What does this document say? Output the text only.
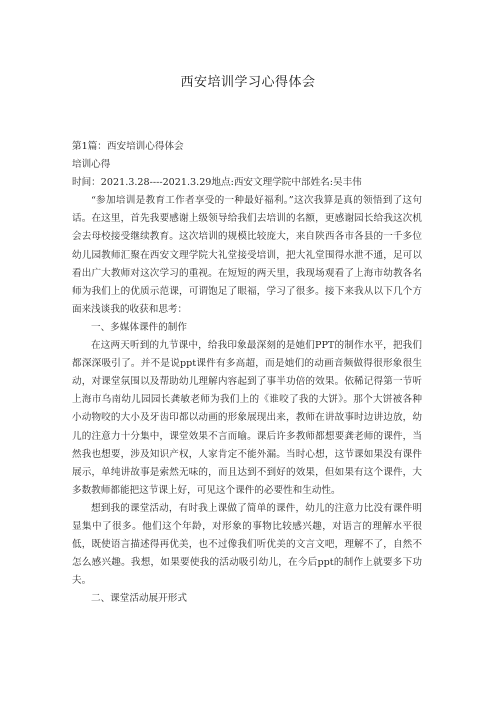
西安培训学习心得体会

第1篇：西安培训心得体会

培训心得

时间：2021.3.28----2021.3.29地点:西安文理学院中部姓名:吴丰伟

“参加培训是教育工作者享受的一种最好福利。”这次我算是真的领悟到了这句话。在这里，首先我要感谢上级领导给我们去培训的名额，更感谢园长给我这次机会去母校接受继续教育。这次培训的规模比较庞大，来自陕西各市各县的一千多位幼儿园教师汇聚在西安文理学院大礼堂接受培训，把大礼堂围得水泄不通，足可以看出广大教师对这次学习的重视。在短短的两天里，我现场观看了上海市幼教各名师为我们上的优质示范课，可谓饱足了眼福，学习了很多。接下来我从以下几个方面来浅谈我的收获和思考：

一、多媒体课件的制作

在这两天听到的九节课中，给我印象最深刻的是她们PPT的制作水平，把我们都深深吸引了。并不是说ppt课件有多高超，而是她们的动画音频做得很形象很生动，对课堂氛围以及帮助幼儿理解内容起到了事半功倍的效果。依稀记得第一节听上海市乌南幼儿园园长龚敏老师为我们上的《谁咬了我的大饼》。那个大饼被各种小动物咬的大小及牙齿印都以动画的形象展现出来，教师在讲故事时边讲边放，幼儿的注意力十分集中，课堂效果不言而喻。课后许多教师都想要龚老师的课件，当然我也想要，涉及知识产权，人家肯定不能外漏。当时心想，这节课如果没有课件展示，单纯讲故事是索然无味的，而且达到不到好的效果，但如果有这个课件，大多数教师都能把这节课上好，可见这个课件的必要性和生动性。

想到我的课堂活动，有时我上课做了简单的课件，幼儿的注意力比没有课件明显集中了很多。他们这个年龄，对形象的事物比较感兴趣，对语言的理解水平很低，既使语言描述得再优美，也不过像我们听优美的文言文吧，理解不了，自然不怎么感兴趣。我想，如果要使我的活动吸引幼儿，在今后ppt的制作上就要多下功夫。

二、课堂活动展开形式
